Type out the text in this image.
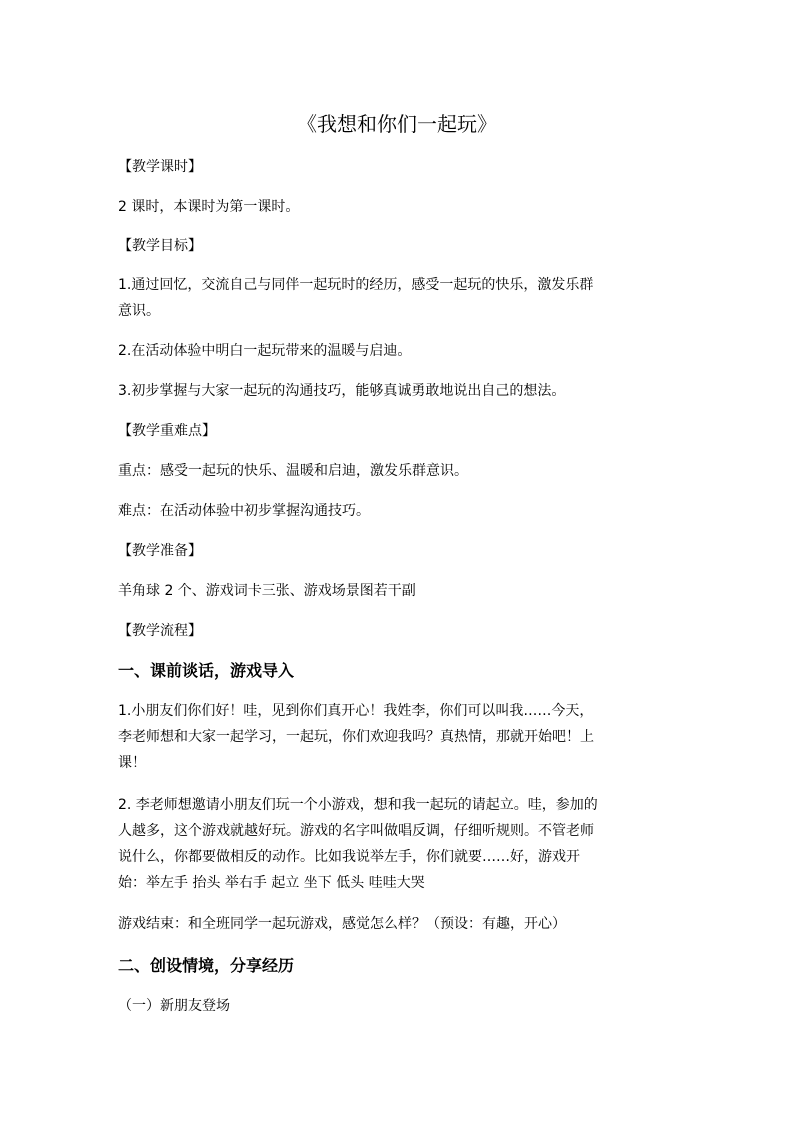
《我想和你们一起玩》
【教学课时】
2 课时，本课时为第一课时。
【教学目标】
1.通过回忆，交流自己与同伴一起玩时的经历，感受一起玩的快乐，激发乐群
意识。
2.在活动体验中明白一起玩带来的温暖与启迪。
3.初步掌握与大家一起玩的沟通技巧，能够真诚勇敢地说出自己的想法。
【教学重难点】
重点：感受一起玩的快乐、温暖和启迪，激发乐群意识。
难点：在活动体验中初步掌握沟通技巧。
【教学准备】
羊角球 2 个、游戏词卡三张、游戏场景图若干副
【教学流程】
一、课前谈话，游戏导入
1.小朋友们你们好！哇，见到你们真开心！我姓李，你们可以叫我……今天，
李老师想和大家一起学习，一起玩，你们欢迎我吗？真热情，那就开始吧！上
课！
2. 李老师想邀请小朋友们玩一个小游戏，想和我一起玩的请起立。哇，参加的
人越多，这个游戏就越好玩。游戏的名字叫做唱反调，仔细听规则。不管老师
说什么，你都要做相反的动作。比如我说举左手，你们就要……好，游戏开
始：举左手 抬头 举右手 起立 坐下 低头 哇哇大哭
游戏结束：和全班同学一起玩游戏，感觉怎么样？（预设：有趣，开心）
二、创设情境，分享经历
（一）新朋友登场
